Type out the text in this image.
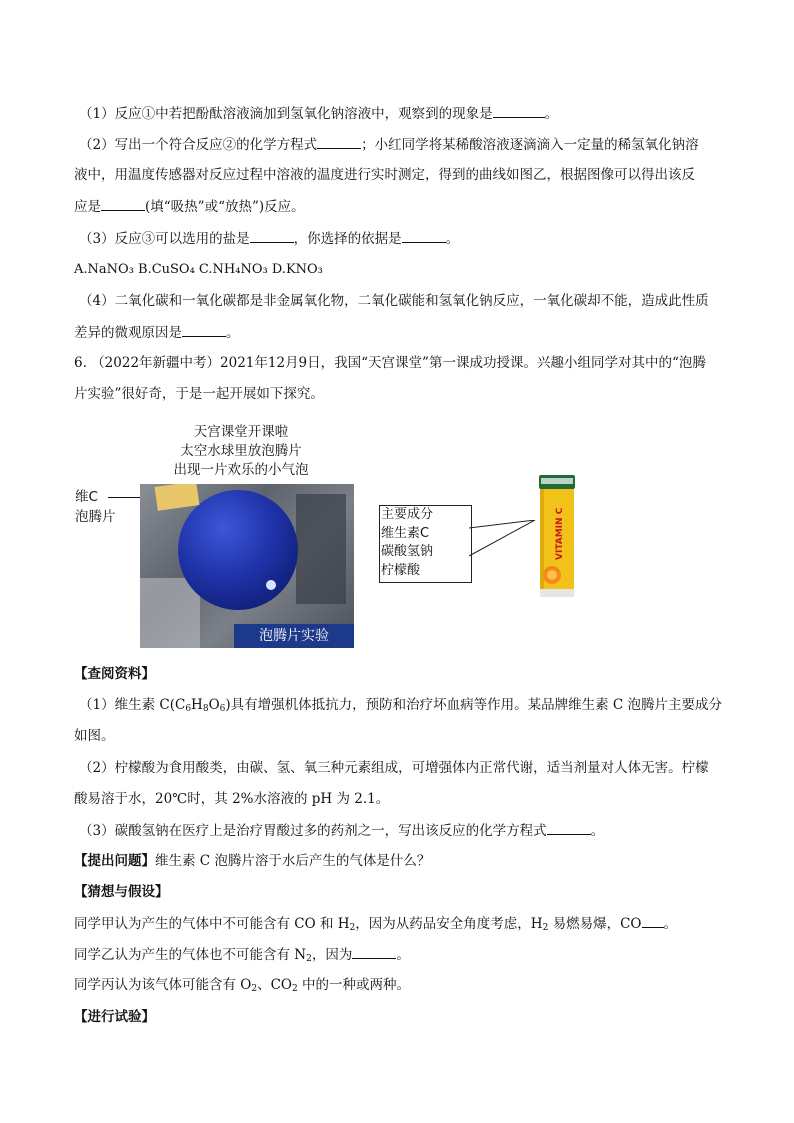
（1）反应①中若把酚酞溶液滴加到氢氧化钠溶液中，观察到的现象是	。
（2）写出一个符合反应②的化学方程式	；小红同学将某稀酸溶液逐滴滴入一定量的稀氢氧化钠溶
液中，用温度传感器对反应过程中溶液的温度进行实时测定，得到的曲线如图乙，根据图像可以得出该反
应是	(填“吸热”或“放热”)反应。
（3）反应③可以选用的盐是	，你选择的依据是	。
A.NaNO₃ B.CuSO₄ C.NH₄NO₃ D.KNO₃
（4）二氧化碳和一氧化碳都是非金属氧化物，二氧化碳能和氢氧化钠反应，一氧化碳却不能，造成此性质
差异的微观原因是	。
6. （2022年新疆中考）2021年12月9日，我国“天宫课堂”第一课成功授课。兴趣小组同学对其中的“泡腾
片实验”很好奇，于是一起开展如下探究。
天宫课堂开课啦
太空水球里放泡腾片
出现一片欢乐的小气泡
维C
泡腾片
泡腾片实验
主要成分
维生素C
碳酸氢钠
柠檬酸
VITAMIN C
【查阅资料】
（1）维生素 $C(C_6H_8O_6)$具有增强机体抵抗力，预防和治疗坏血病等作用。某品牌维生素 C 泡腾片主要成分
如图。
（2）柠檬酸为食用酸类，由碳、氢、氧三种元素组成，可增强体内正常代谢，适当剂量对人体无害。柠檬
酸易溶于水，20℃时，其 2%水溶液的 pH 为 2.1。
（3）碳酸氢钠在医疗上是治疗胃酸过多的药剂之一，写出该反应的化学方程式	。
【提出问题】维生素 C 泡腾片溶于水后产生的气体是什么？
【猜想与假设】
同学甲认为产生的气体中不可能含有 CO 和 $H_2$，因为从药品安全角度考虑，$H_2$ 易燃易爆，CO 。
同学乙认为产生的气体也不可能含有 $N_2$，因为	。
同学丙认为该气体可能含有 $O_2$、$CO_2$ 中的一种或两种。
【进行试验】
